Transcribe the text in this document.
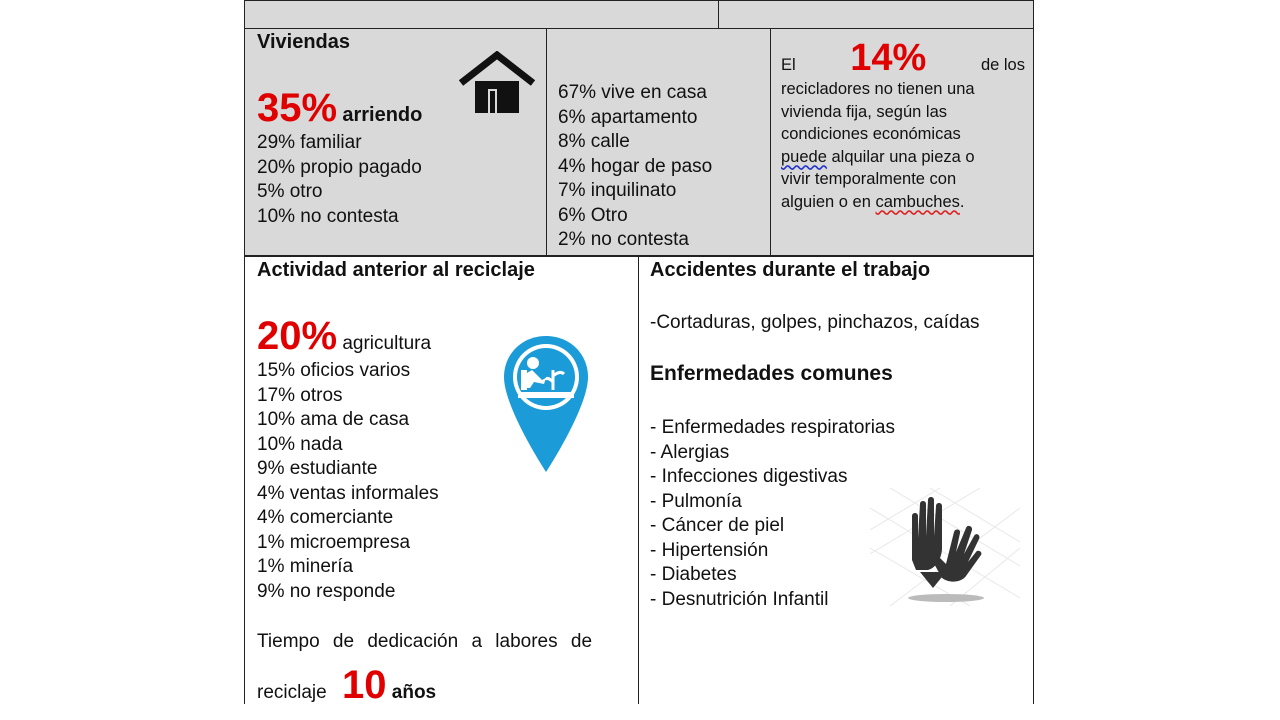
Viviendas
35% arriendo
29% familiar
20% propio pagado
5% otro
10% no contesta
67% vive en casa
6% apartamento
8% calle
4% hogar de paso
7% inquilinato
6% Otro
2% no contesta
El 14%	de los
recicladores no tienen una
vivienda fija, según las
condiciones económicas
puede alquilar una pieza o
vivir temporalmente con
alguien o en cambuches.
Actividad anterior al reciclaje
20% agricultura
15% oficios varios
17% otros
10% ama de casa
10% nada
9% estudiante
4% ventas informales
4% comerciante
1% microempresa
1% minería
9% no responde
Tiempo de dedicación a labores de
reciclaje 10 años
Accidentes durante el trabajo
-Cortaduras, golpes, pinchazos, caídas
Enfermedades comunes
- Enfermedades respiratorias
- Alergias
- Infecciones digestivas
- Pulmonía
- Cáncer de piel
- Hipertensión
- Diabetes
- Desnutrición Infantil
